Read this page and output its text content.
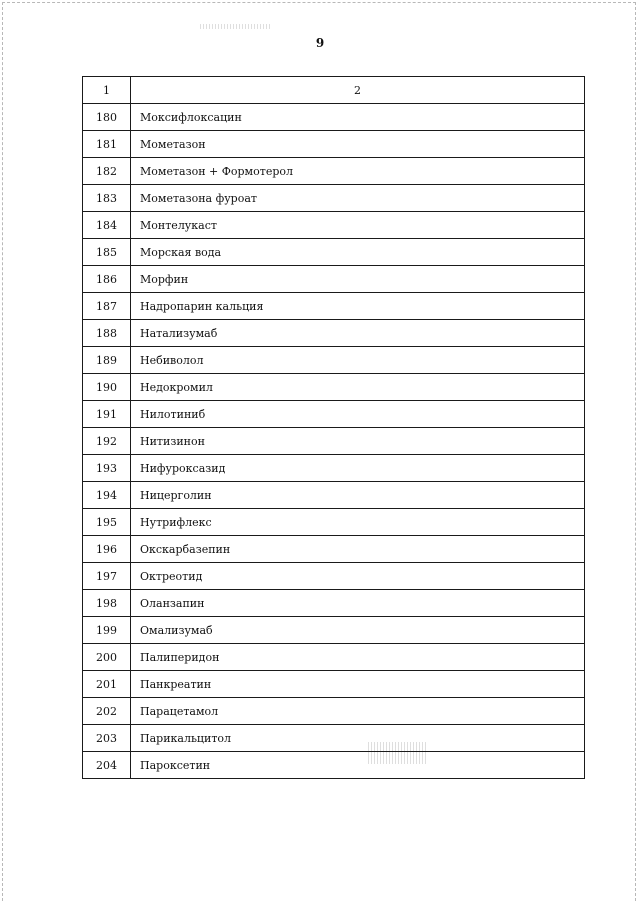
9
1	2
180	Моксифлоксацин
181	Мометазон
182	Мометазон + Формотерол
183	Мометазона фуроат
184	Монтелукаст
185	Морская вода
186	Морфин
187	Надропарин кальция
188	Натализумаб
189	Небиволол
190	Недокромил
191	Нилотиниб
192	Нитизинон
193	Нифуроксазид
194	Ницерголин
195	Нутрифлекс
196	Окскарбазепин
197	Октреотид
198	Оланзапин
199	Омализумаб
200	Палиперидон
201	Панкреатин
202	Парацетамол
203	Парикальцитол
204	Пароксетин
